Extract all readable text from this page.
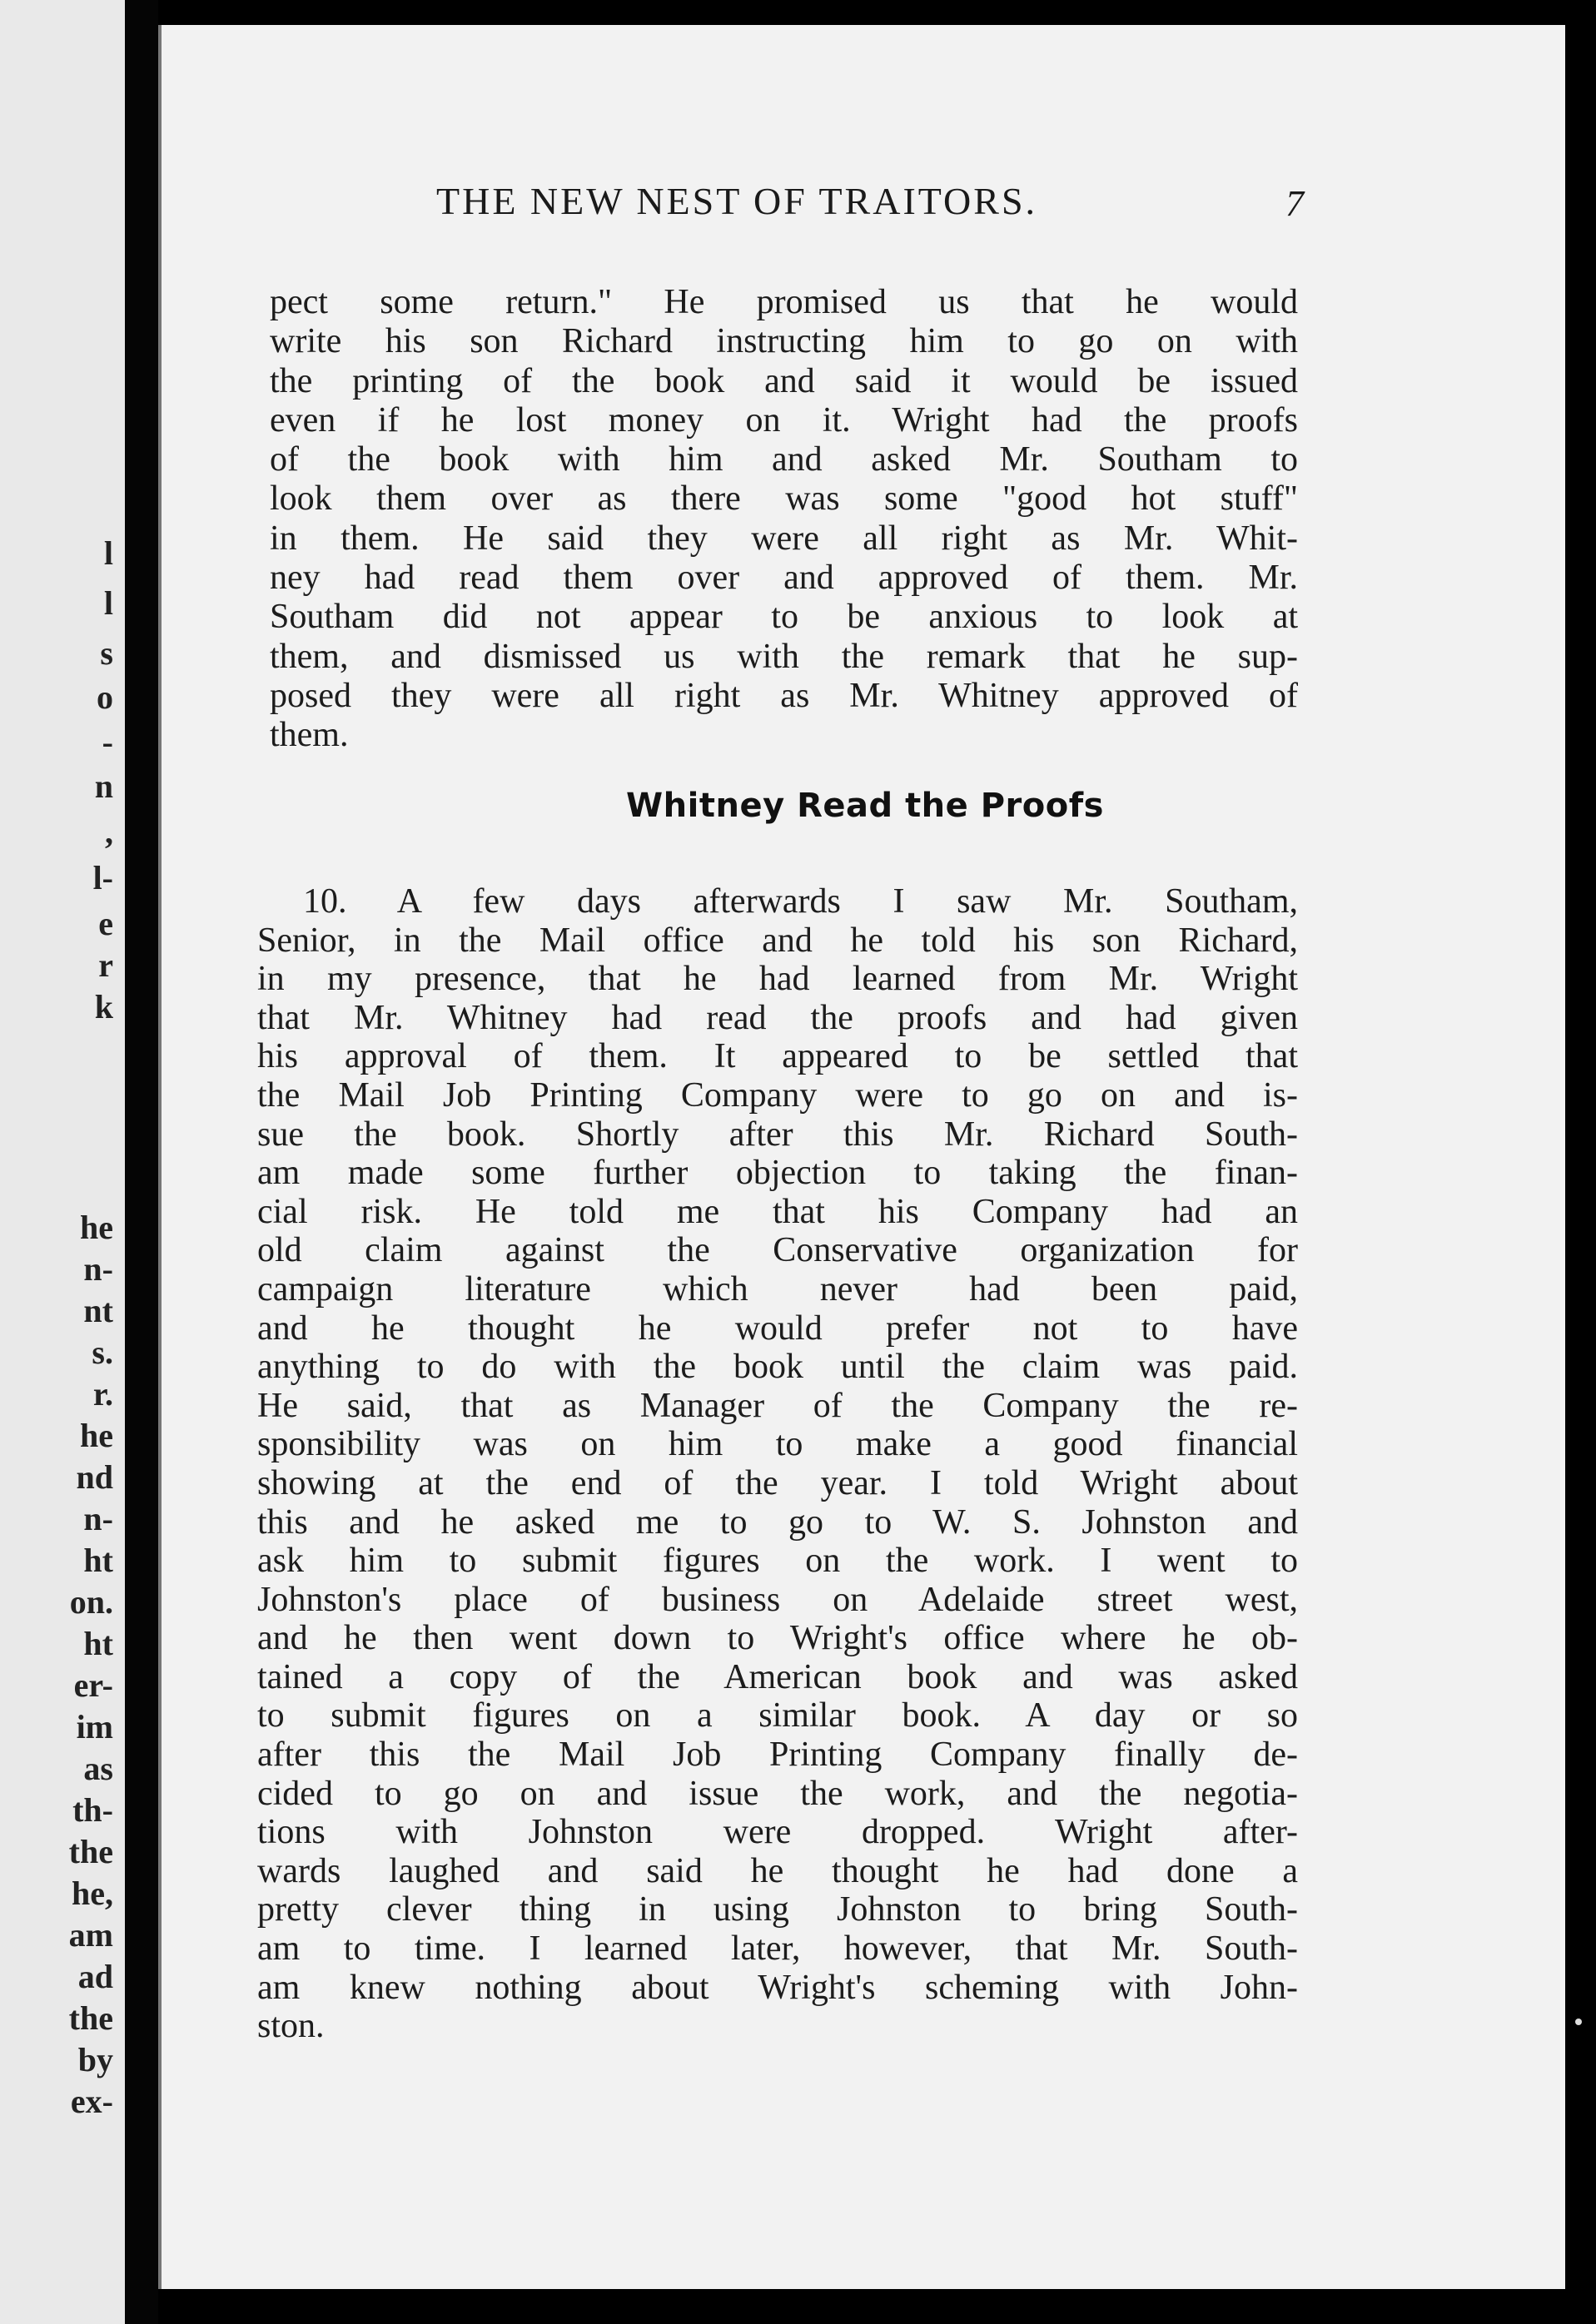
l
l
s
o
-
n
,
l-
e
r
k
he
n-
nt
s.
r.
he
nd
n-
ht
on.
ht
er-
im
as
th-
the
he,
am
ad
the
by
ex-
THE NEW NEST OF TRAITORS.	7
pect some return." He promised us that he would
write his son Richard instructing him to go on with
the printing of the book and said it would be issued
even if he lost money on it. Wright had the proofs
of the book with him and asked Mr. Southam to
look them over as there was some "good hot stuff"
in them. He said they were all right as Mr. Whit-
ney had read them over and approved of them. Mr.
Southam did not appear to be anxious to look at
them, and dismissed us with the remark that he sup-
posed they were all right as Mr. Whitney approved of
them.
Whitney Read the Proofs
10. A few days afterwards I saw Mr. Southam,
Senior, in the Mail office and he told his son Richard,
in my presence, that he had learned from Mr. Wright
that Mr. Whitney had read the proofs and had given
his approval of them. It appeared to be settled that
the Mail Job Printing Company were to go on and is-
sue the book. Shortly after this Mr. Richard South-
am made some further objection to taking the finan-
cial risk. He told me that his Company had an
old claim against the Conservative organization for
campaign literature which never had been paid,
and he thought he would prefer not to have
anything to do with the book until the claim was paid.
He said, that as Manager of the Company the re-
sponsibility was on him to make a good financial
showing at the end of the year. I told Wright about
this and he asked me to go to W. S. Johnston and
ask him to submit figures on the work. I went to
Johnston's place of business on Adelaide street west,
and he then went down to Wright's office where he ob-
tained a copy of the American book and was asked
to submit figures on a similar book. A day or so
after this the Mail Job Printing Company finally de-
cided to go on and issue the work, and the negotia-
tions with Johnston were dropped. Wright after-
wards laughed and said he thought he had done a
pretty clever thing in using Johnston to bring South-
am to time. I learned later, however, that Mr. South-
am knew nothing about Wright's scheming with John-
ston.
